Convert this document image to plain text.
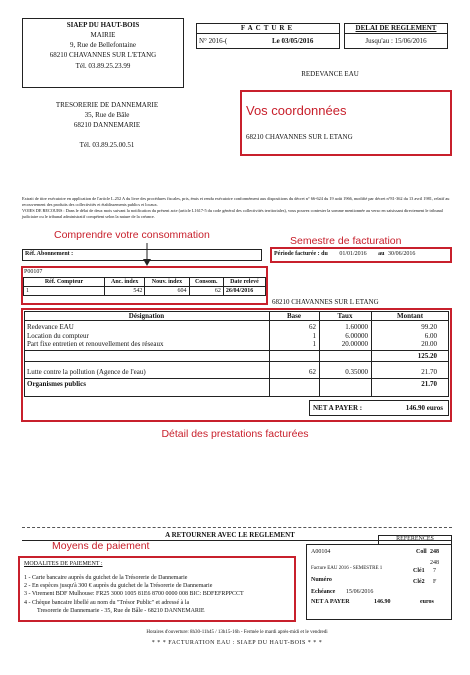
SIAEP DU HAUT-BOIS
MAIRIE
9, Rue de Bellefontaine
68210 CHAVANNES SUR L'ETANG
Tél. 03.89.25.23.99
TRESORERIE DE DANNEMARIE
35, Rue de Bâle
68210 DANNEMARIE
Tél. 03.89.25.00.51
FACTURE
N° 2016-(	Le 03/05/2016
DELAI DE REGLEMENT
Jusqu'au : 15/06/2016
REDEVANCE EAU
Vos coordonnées
68210 CHAVANNES SUR L ETANG
Extrait de titre exécutoire en application de l'article L.252 A du livre des procédures fiscales, pris, émis et rendu exécutoire conformément aux dispositions du décret n° 66-624 du 19 août 1966, modifié par décret n°81-362 du 13 avril 1981, relatif au recouvrement des produits des collectivités et établissements publics et locaux.
VOIES DE RECOURS : Dans le délai de deux mois suivant la notification du présent acte (article L1617-5 du code général des collectivités territoriales), vous pouvez contester la somme mentionnée au verso en saisissant directement le tribunal judiciaire ou le tribunal administratif compétent selon la nature de la créance.
Comprendre votre consommation	Semestre de facturation
Réf. Abonnement :	Période facturée : du 01/01/2016 au 30/06/2016
P00107
Réf. Compteur	Anc. index	Nouv. index	Consom.	Date relevé
1	542	604	62	26/04/2016
68210 CHAVANNES SUR L ETANG
Désignation	Base	Taux	Montant
Redevance EAU	62	1.60000	99.20
Location du compteur	1	6.00000	6.00
Part fixe entretien et renouvellement des réseaux	1	20.00000	20.00
125.20
Lutte contre la pollution (Agence de l'eau)	62	0.35000	21.70
Organismes publics	21.70
NET A PAYER :	146.90 euros
Détail des prestations facturées
A RETOURNER AVEC LE REGLEMENT
Moyens de paiement
MODALITES DE PAIEMENT :
1 - Carte bancaire auprès du guichet de la Trésorerie de Dannemarie
2 - En espèces jusqu'à 300 € auprès du guichet de la Trésorerie de Dannemarie
3 - Virement BDF Mulhouse: FR25 3000 1005 81E6 8700 0000 008 BIC: BDFEFRPPCCT
4 - Chèque bancaire libellé au nom du "Trésor Public" et adressé à la
Tresorerie de Dannemarie - 35, Rue de Bâle - 68210 DANNEMARIE
REFERENCES
A00104	Coll 248
248
Facture EAU 2016 - SEMESTRE 1	Clé1 7
Numéro	Clé2 F
Echéance 15/06/2016
NET A PAYER	146.90	euros
Horaires d'ouverture: 8h30-11h45 / 13h15-16h - Fermée le mardi après-midi et le vendredi
* * * FACTURATION EAU : SIAEP DU HAUT-BOIS * * *
